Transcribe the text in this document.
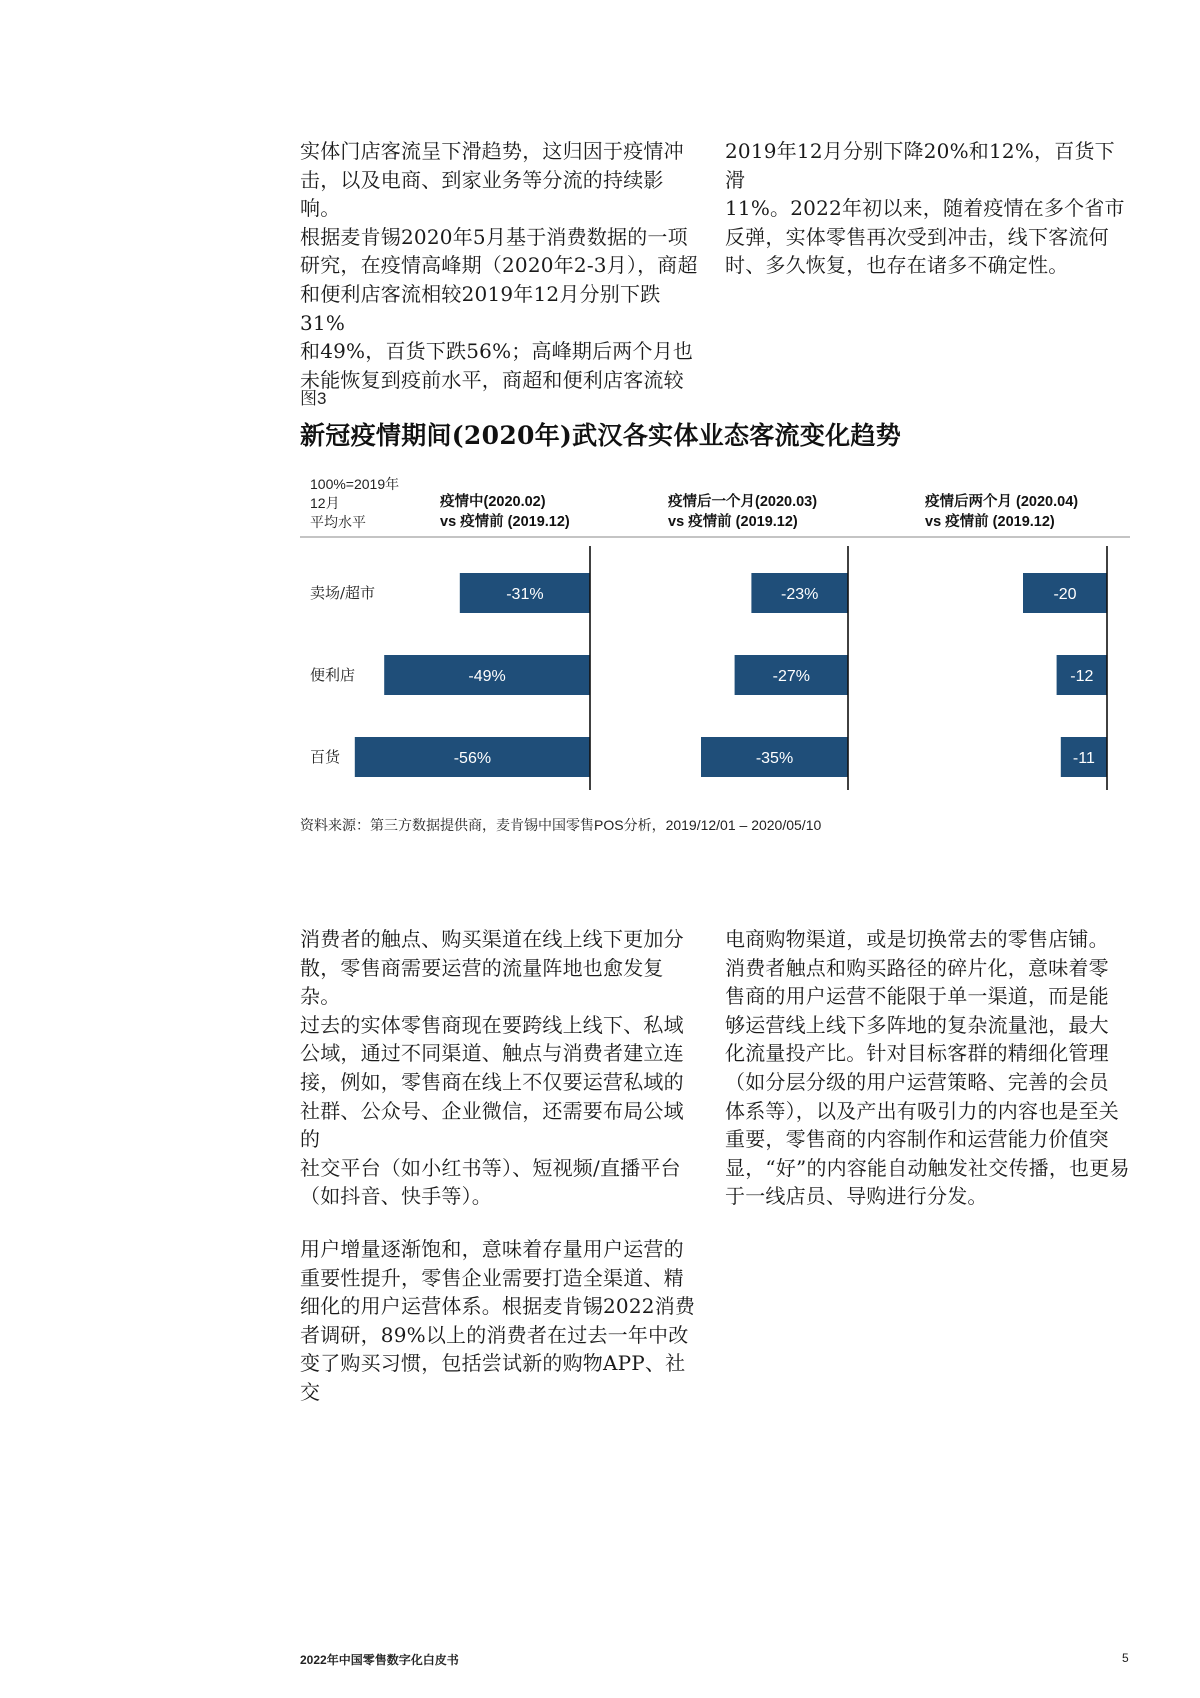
实体门店客流呈下滑趋势，这归因于疫情冲

击，以及电商、到家业务等分流的持续影响。

根据麦肯锡2020年5月基于消费数据的一项

研究，在疫情高峰期（2020年2-3月），商超

和便利店客流相较2019年12月分别下跌31%

和49%，百货下跌56%；高峰期后两个月也

未能恢复到疫前水平，商超和便利店客流较

2019年12月分别下降20%和12%，百货下滑

11%。2022年初以来，随着疫情在多个省市

反弹，实体零售再次受到冲击，线下客流何

时、多久恢复，也存在诸多不确定性。

图3
新冠疫情期间(2020年)武汉各实体业态客流变化趋势
100%=2019年
12月
平均水平
卖场/超市
便利店
百货
疫情中(2020.02)
vs 疫情前 (2019.12)
-31%
-49%
-56%
疫情后一个月(2020.03)
vs 疫情前 (2019.12)
-23%
-27%
-35%
疫情后两个月 (2020.04)
vs 疫情前 (2019.12)
-20
-12
-11
资料来源：第三方数据提供商，麦肯锡中国零售POS分析，2019/12/01 – 2020/05/10

消费者的触点、购买渠道在线上线下更加分

散，零售商需要运营的流量阵地也愈发复杂。

过去的实体零售商现在要跨线上线下、私域

公域，通过不同渠道、触点与消费者建立连

接，例如，零售商在线上不仅要运营私域的

社群、公众号、企业微信，还需要布局公域的

社交平台（如小红书等）、短视频/直播平台

（如抖音、快手等）。

用户增量逐渐饱和，意味着存量用户运营的

重要性提升，零售企业需要打造全渠道、精

细化的用户运营体系。根据麦肯锡2022消费

者调研，89%以上的消费者在过去一年中改

变了购买习惯，包括尝试新的购物APP、社交

电商购物渠道，或是切换常去的零售店铺。

消费者触点和购买路径的碎片化，意味着零

售商的用户运营不能限于单一渠道，而是能

够运营线上线下多阵地的复杂流量池，最大

化流量投产比。针对目标客群的精细化管理

（如分层分级的用户运营策略、完善的会员

体系等），以及产出有吸引力的内容也是至关

重要，零售商的内容制作和运营能力价值突

显，“好”的内容能自动触发社交传播，也更易

于一线店员、导购进行分发。

2022年中国零售数字化白皮书	5
